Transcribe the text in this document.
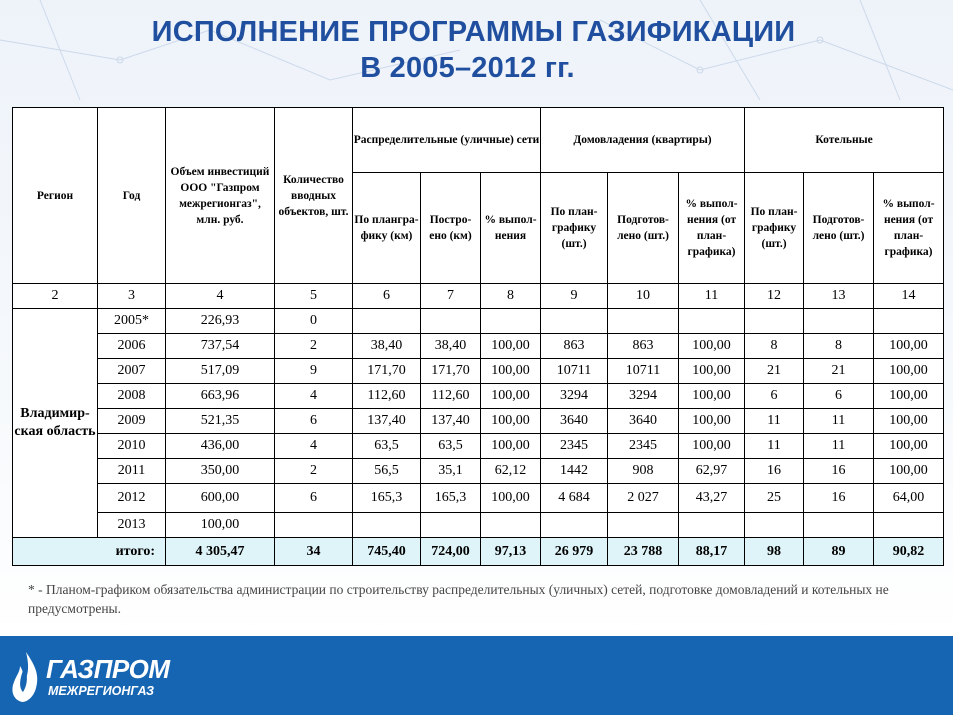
ИСПОЛНЕНИЕ ПРОГРАММЫ ГАЗИФИКАЦИИ
В 2005–2012 гг.
Регион	Год	Объем инвестиций ООО "Газпром межрегионгаз", млн. руб.	Количество вводных объектов, шт.	Распределительные (уличные) сети			Домовладения (квартиры)			Котельные		
				По плангра-фику (км)	Постро-ено (км)	% выпол-нения	По план-графику (шт.)	Подготов-лено (шт.)	% выпол-нения (от план-графика)	По план-графику (шт.)	Подготов-лено (шт.)	% выпол-нения (от план-графика)
2	3	4	5	6	7	8	9	10	11	12	13	14
Владимир-ская область	2005*	226,93	0									
	2006	737,54	2	38,40	38,40	100,00	863	863	100,00	8	8	100,00
	2007	517,09	9	171,70	171,70	100,00	10711	10711	100,00	21	21	100,00
	2008	663,96	4	112,60	112,60	100,00	3294	3294	100,00	6	6	100,00
	2009	521,35	6	137,40	137,40	100,00	3640	3640	100,00	11	11	100,00
	2010	436,00	4	63,5	63,5	100,00	2345	2345	100,00	11	11	100,00
	2011	350,00	2	56,5	35,1	62,12	1442	908	62,97	16	16	100,00
	2012	600,00	6	165,3	165,3	100,00	4 684	2 027	43,27	25	16	64,00
	2013	100,00										
итого:		4 305,47	34	745,40	724,00	97,13	26 979	23 788	88,17	98	89	90,82
* - Планом-графиком обязательства администрации по строительству распределительных (уличных) сетей, подготовке домовладений и котельных не предусмотрены.
ГАЗПРОМ
МЕЖРЕГИОНГАЗ
